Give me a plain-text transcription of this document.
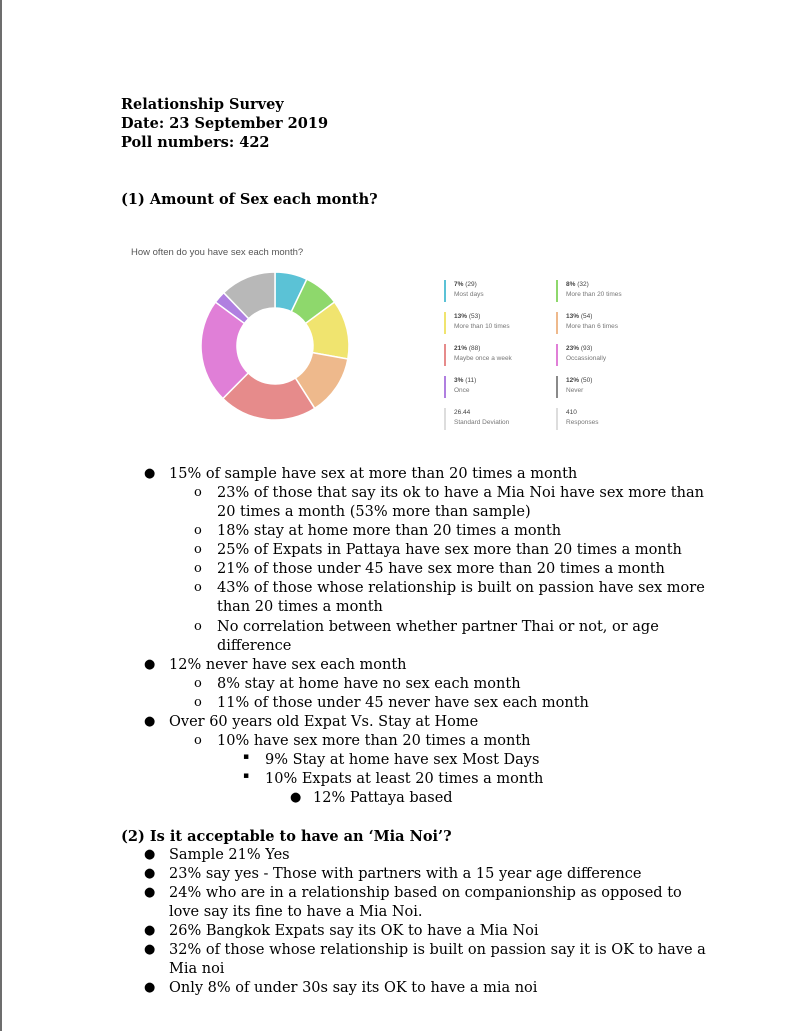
Relationship Survey
Date: 23 September 2019
Poll numbers: 422
(1) Amount of Sex each month?
How often do you have sex each month?
7% (29)
Most days
13% (53)
More than 10 times
21% (88)
Maybe once a week
3% (11)
Once
26.44
Standard Deviation
8% (32)
More than 20 times
13% (54)
More than 6 times
23% (93)
Occassionally
12% (50)
Never
410
Responses
● 15% of sample have sex at more than 20 times a month
o 23% of those that say its ok to have a Mia Noi have sex more than
20 times a month (53% more than sample)
o 18% stay at home more than 20 times a month
o 25% of Expats in Pattaya have sex more than 20 times a month
o 21% of those under 45 have sex more than 20 times a month
o 43% of those whose relationship is built on passion have sex more
than 20 times a month
o No correlation between whether partner Thai or not, or age
difference
● 12% never have sex each month
o 8% stay at home have no sex each month
o 11% of those under 45 never have sex each month
● Over 60 years old Expat Vs. Stay at Home
o 10% have sex more than 20 times a month
▪ 9% Stay at home have sex Most Days
▪ 10% Expats at least 20 times a month
● 12% Pattaya based
(2) Is it acceptable to have an ‘Mia Noi’?
● Sample 21% Yes
● 23% say yes - Those with partners with a 15 year age difference
● 24% who are in a relationship based on companionship as opposed to
love say its fine to have a Mia Noi.
● 26% Bangkok Expats say its OK to have a Mia Noi
● 32% of those whose relationship is built on passion say it is OK to have a
Mia noi
● Only 8% of under 30s say its OK to have a mia noi
